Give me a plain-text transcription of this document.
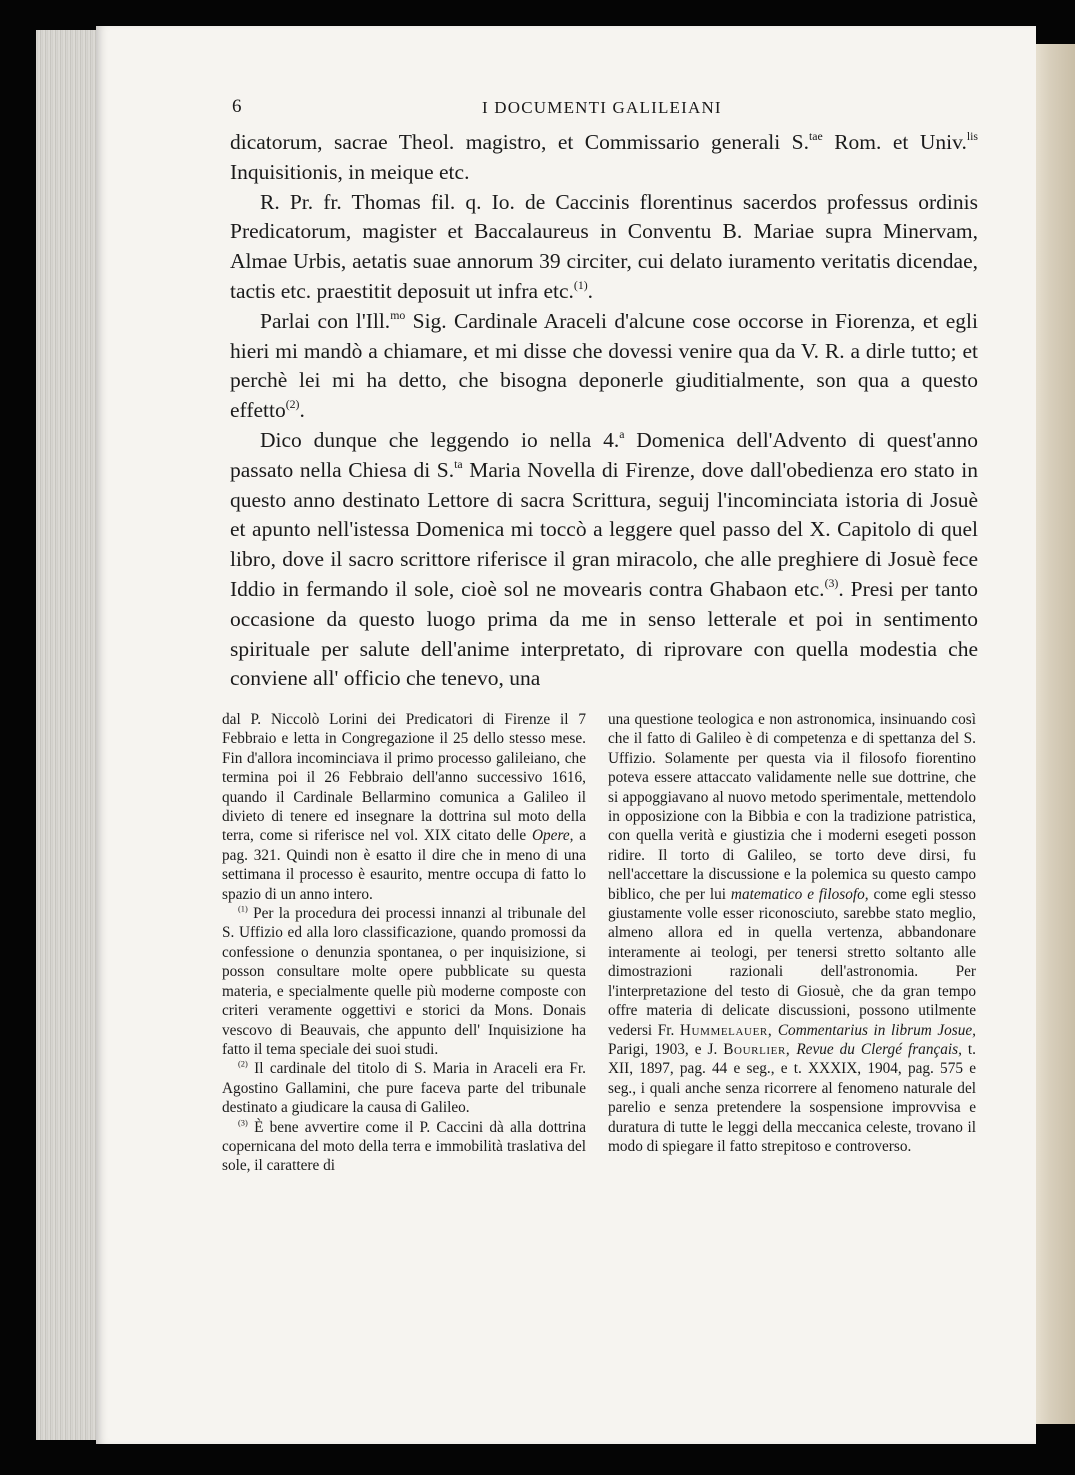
6	I DOCUMENTI GALILEIANI

dicatorum, sacrae Theol. magistro, et Commissario generali S.$^{tae}$ Rom. et Univ.$^{lis}$ Inquisitionis, in meique etc.

R. Pr. fr. Thomas fil. q. Io. de Caccinis florentinus sacerdos professus ordinis Predicatorum, magister et Baccalaureus in Conventu B. Mariae supra Minervam, Almae Urbis, aetatis suae annorum 39 circiter, cui delato iuramento veritatis dicendae, tactis etc. praestitit deposuit ut infra etc.$^{(1)}$.

Parlai con l'Ill.$^{mo}$ Sig. Cardinale Araceli d'alcune cose occorse in Fiorenza, et egli hieri mi mandò a chiamare, et mi disse che dovessi venire qua da V. R. a dirle tutto; et perchè lei mi ha detto, che bisogna deponerle giuditialmente, son qua a questo effetto$^{(2)}$.

Dico dunque che leggendo io nella 4.$^a$ Domenica dell'Advento di quest'anno passato nella Chiesa di S.$^{ta}$ Maria Novella di Firenze, dove dall'obedienza ero stato in questo anno destinato Lettore di sacra Scrittura, seguij l'incominciata istoria di Josuè et apunto nell'istessa Domenica mi toccò a leggere quel passo del X. Capitolo di quel libro, dove il sacro scrittore riferisce il gran miracolo, che alle preghiere di Josuè fece Iddio in fermando il sole, cioè sol ne movearis contra Ghabaon etc.$^{(3)}$. Presi per tanto occasione da questo luogo prima da me in senso letterale et poi in sentimento spirituale per salute dell'anime interpretato, di riprovare con quella modestia che conviene all' officio che tenevo, una

dal P. Niccolò Lorini dei Predicatori di Firenze il 7 Febbraio e letta in Congregazione il 25 dello stesso mese. Fin d'allora incominciava il primo processo galileiano, che termina poi il 26 Febbraio dell'anno successivo 1616, quando il Cardinale Bellarmino comunica a Galileo il divieto di tenere ed insegnare la dottrina sul moto della terra, come si riferisce nel vol. XIX citato delle Opere, a pag. 321. Quindi non è esatto il dire che in meno di una settimana il processo è esaurito, mentre occupa di fatto lo spazio di un anno intero.

$^{(1)}$ Per la procedura dei processi innanzi al tribunale del S. Uffizio ed alla loro classificazione, quando promossi da confessione o denunzia spontanea, o per inquisizione, si posson consultare molte opere pubblicate su questa materia, e specialmente quelle più moderne composte con criteri veramente oggettivi e storici da Mons. Donais vescovo di Beauvais, che appunto dell' Inquisizione ha fatto il tema speciale dei suoi studi.

$^{(2)}$ Il cardinale del titolo di S. Maria in Araceli era Fr. Agostino Gallamini, che pure faceva parte del tribunale destinato a giudicare la causa di Galileo.

$^{(3)}$ È bene avvertire come il P. Caccini dà alla dottrina copernicana del moto della terra e immobilità traslativa del sole, il carattere di

una questione teologica e non astronomica, insinuando così che il fatto di Galileo è di competenza e di spettanza del S. Uffizio. Solamente per questa via il filosofo fiorentino poteva essere attaccato validamente nelle sue dottrine, che si appoggiavano al nuovo metodo sperimentale, mettendolo in opposizione con la Bibbia e con la tradizione patristica, con quella verità e giustizia che i moderni esegeti posson ridire. Il torto di Galileo, se torto deve dirsi, fu nell'accettare la discussione e la polemica su questo campo biblico, che per lui matematico e filosofo, come egli stesso giustamente volle esser riconosciuto, sarebbe stato meglio, almeno allora ed in quella vertenza, abbandonare interamente ai teologi, per tenersi stretto soltanto alle dimostrazioni razionali dell'astronomia. Per l'interpretazione del testo di Giosuè, che da gran tempo offre materia di delicate discussioni, possono utilmente vedersi Fr. Hummelauer, Commentarius in librum Josue, Parigi, 1903, e J. Bourlier, Revue du Clergé français, t. XII, 1897, pag. 44 e seg., e t. XXXIX, 1904, pag. 575 e seg., i quali anche senza ricorrere al fenomeno naturale del parelio e senza pretendere la sospensione improvvisa e duratura di tutte le leggi della meccanica celeste, trovano il modo di spiegare il fatto strepitoso e controverso.
